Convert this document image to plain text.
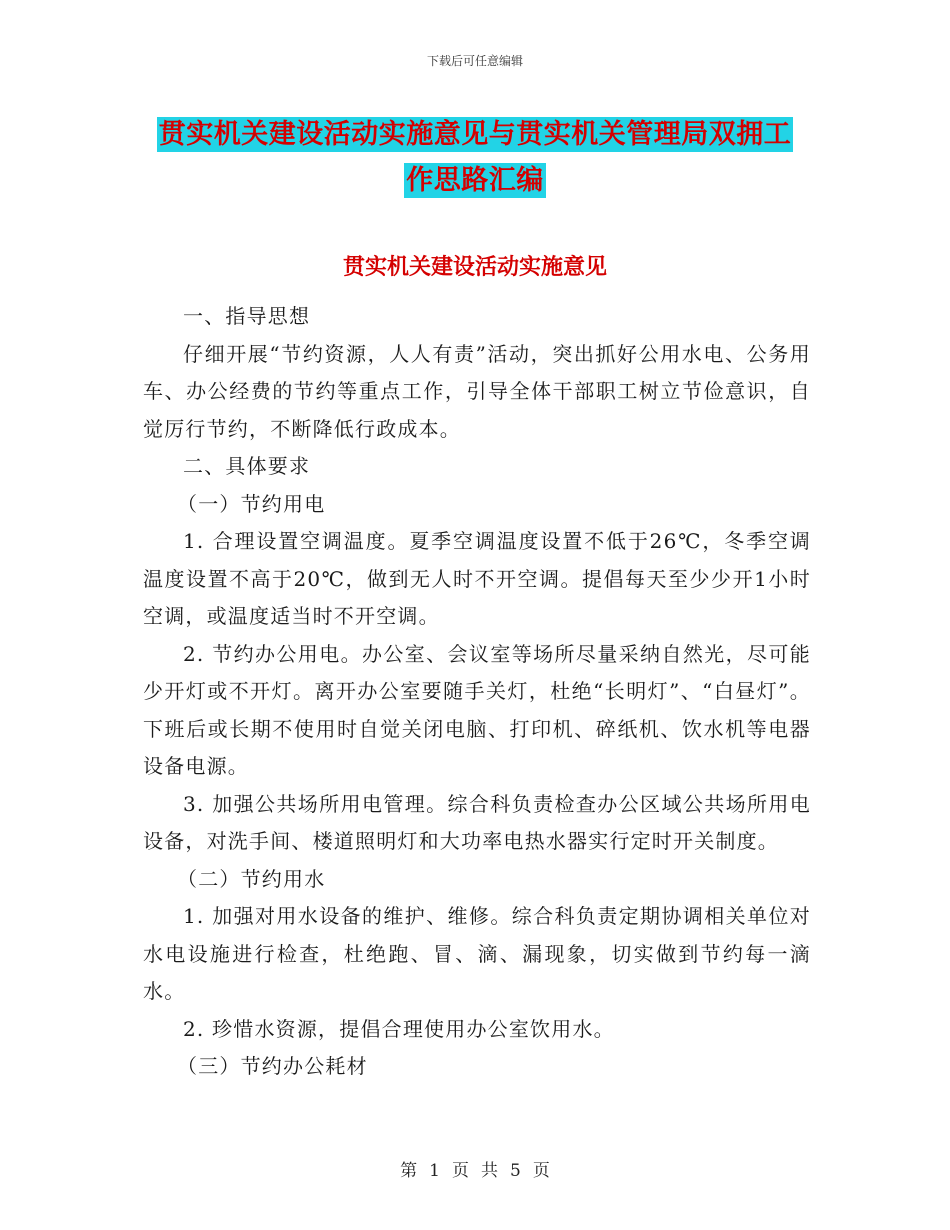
下载后可任意编辑
贯实机关建设活动实施意见与贯实机关管理局双拥工
作思路汇编
贯实机关建设活动实施意见

一、指导思想

仔细开展“节约资源，人人有责”活动，突出抓好公用水电、公务用车、办公经费的节约等重点工作，引导全体干部职工树立节俭意识，自觉厉行节约，不断降低行政成本。

二、具体要求

（一）节约用电

1. 合理设置空调温度。夏季空调温度设置不低于26℃，冬季空调温度设置不高于20℃，做到无人时不开空调。提倡每天至少少开1小时空调，或温度适当时不开空调。

2. 节约办公用电。办公室、会议室等场所尽量采纳自然光，尽可能少开灯或不开灯。离开办公室要随手关灯，杜绝“长明灯”、“白昼灯”。下班后或长期不使用时自觉关闭电脑、打印机、碎纸机、饮水机等电器设备电源。

3. 加强公共场所用电管理。综合科负责检查办公区域公共场所用电设备，对洗手间、楼道照明灯和大功率电热水器实行定时开关制度。

（二）节约用水

1. 加强对用水设备的维护、维修。综合科负责定期协调相关单位对水电设施进行检查，杜绝跑、冒、滴、漏现象，切实做到节约每一滴水。

2. 珍惜水资源，提倡合理使用办公室饮用水。

（三）节约办公耗材

第 1 页 共 5 页
